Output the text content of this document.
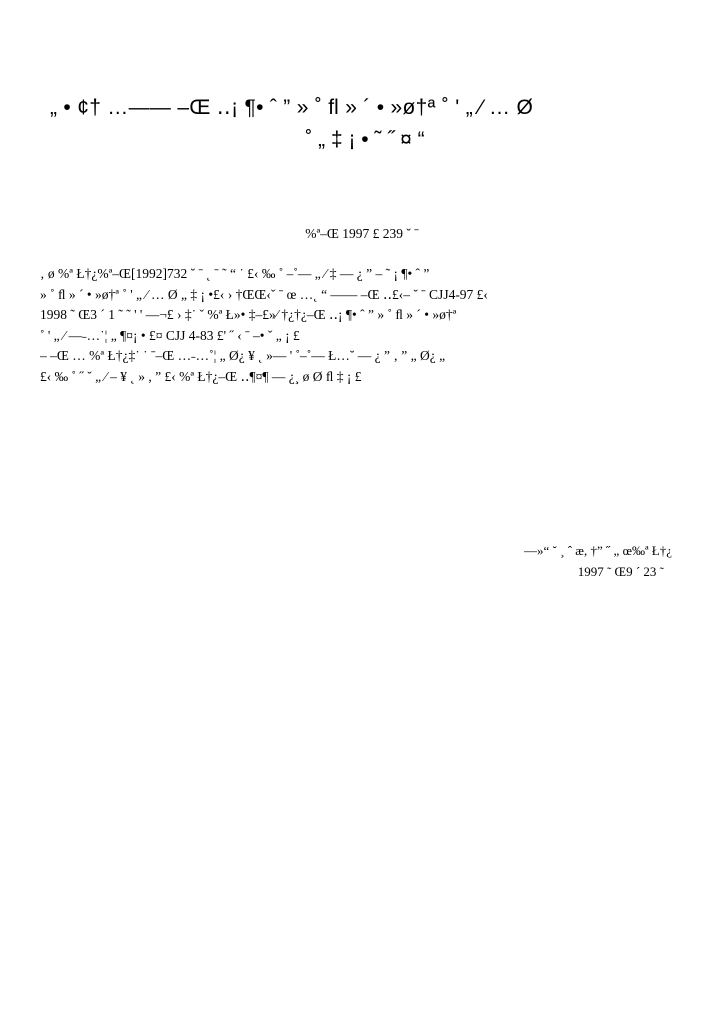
„ • ¢† …—— –Œ ‥¡ ¶• ˆ ” » ˚ ﬂ » ´ • »ø†ª ˚ ' „ ⁄ … Ø
˚ „ ‡ ¡ • ˜ ˝ ¤ “
%ª–Œ 1997 £ 239 ˘ ˉ
‚ ø %ª Ł†¿%ª–Œ[1992]732 ˘ ˉ ˛ ˉ ˜ “ ˙ £‹ ‰ ˚ –˚— „ ⁄ ‡ — ¿ ” – ˜ ¡ ¶• ˆ ”
» ˚ ﬂ » ´ • »ø†ª ˚ ' „ ⁄ … Ø „ ‡ ¡ •£‹ › †ŒŒ‹ˇ ˉ œ …˛ “ —— –Œ ‥£‹– ˘ ˉ CJJ4-97 £‹
1998 ˜ Œ3 ´ 1 ˜ ˜ ' ' —¬£ › ‡˙ ˇ %ª Ł»• ‡–£»⁄ †¿†¿–Œ ‥¡ ¶• ˆ ” » ˚ ﬂ » ´ • »ø†ª
˚ ' „ ⁄ —˗…˙¦ „ ¶¤¡ • £¤ CJJ 4-83 £' ˝ ‹ ˉ –• ˇ „ ¡ £
– –Œ … %ª Ł†¿‡˙ ˙ ˉ–Œ …˗…˚¦ „ Ø¿ ¥ ˛ »— ' ˚–˚— Ł…˘ — ¿ ” ‚ ” „ Ø¿ „
£‹ ‰ ˚ ˝ ˘ „ ⁄ – ¥ ˛ » , ” £‹ %ª Ł†¿–Œ ‥¶¤¶ — ¿¸ ø Ø ﬂ ‡ ¡ £
—»“ ˘ ¸ ˆ æ, †” ˝ „ œ‰ª Ł†¿
1997 ˜ Œ9 ´ 23 ˜
